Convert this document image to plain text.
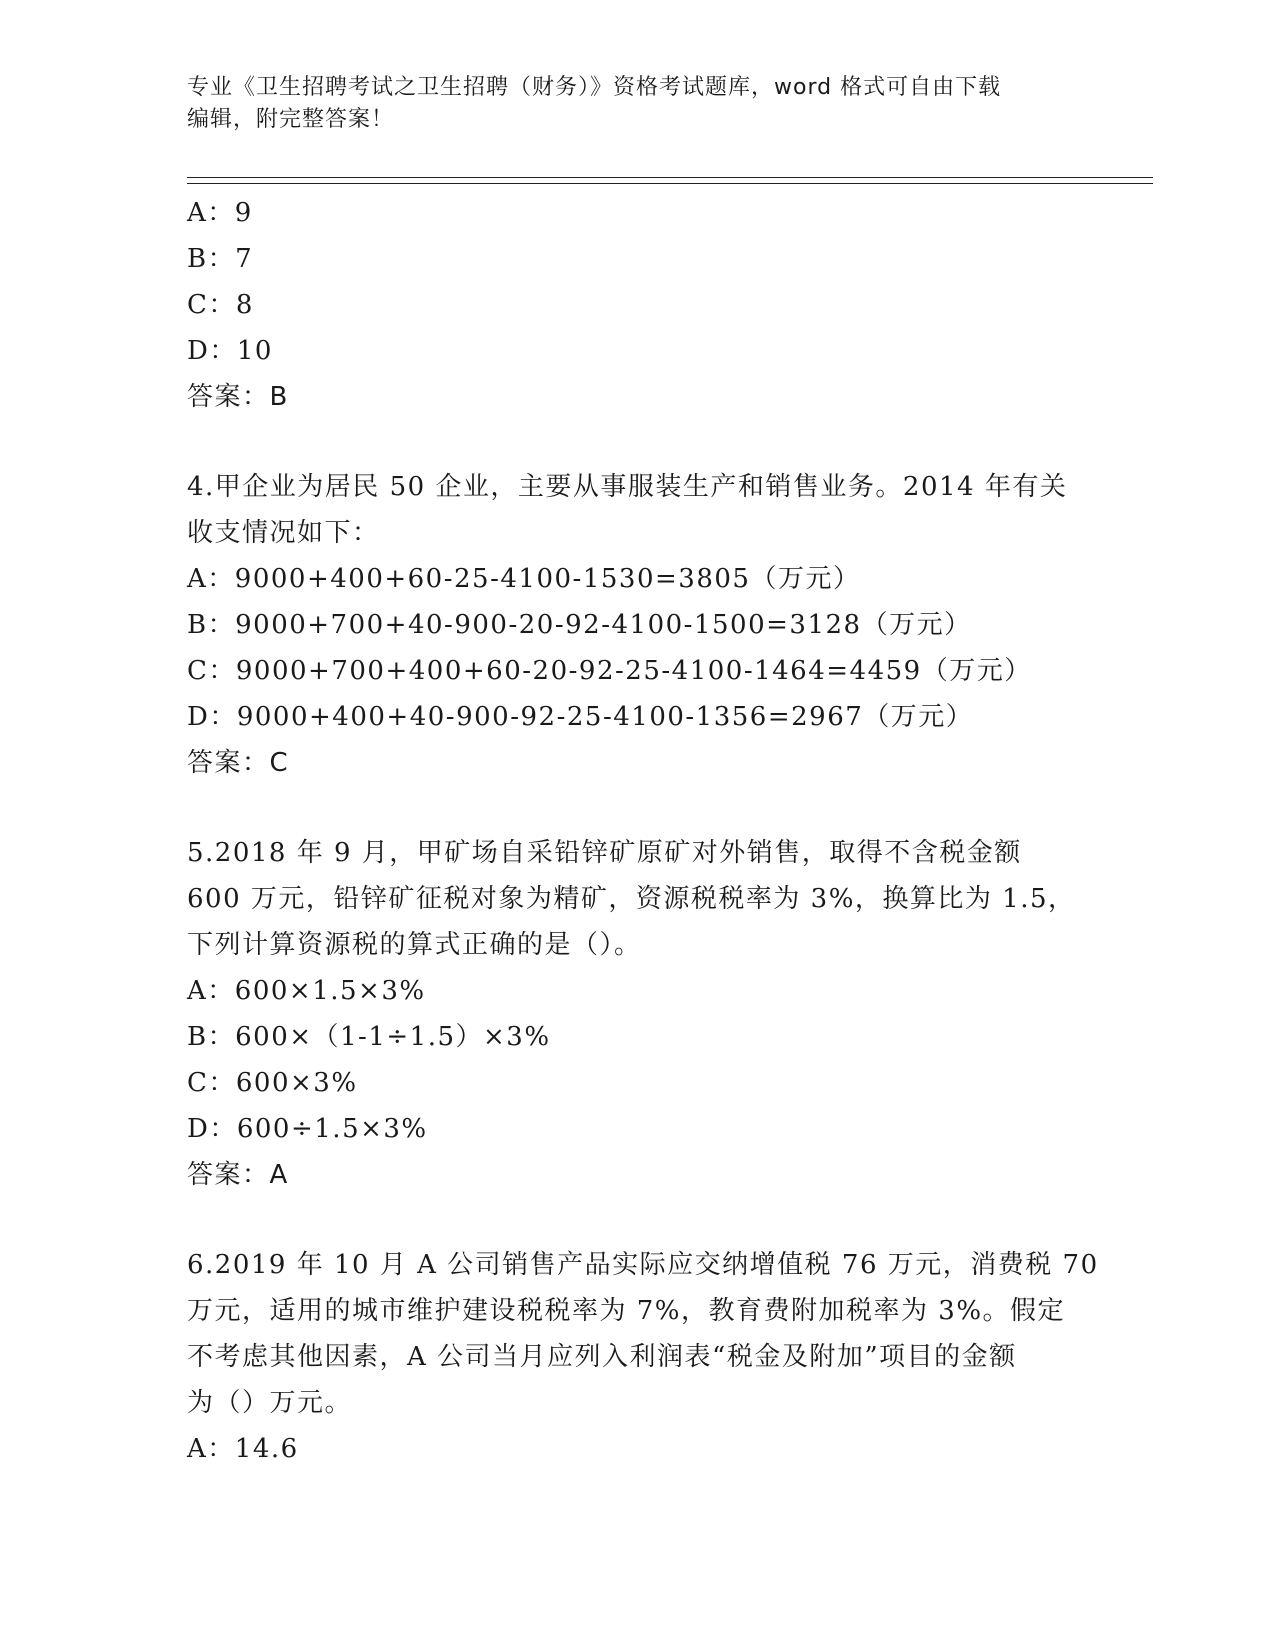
专业《卫生招聘考试之卫生招聘（财务）》资格考试题库，word 格式可自由下载
编辑，附完整答案！
A：9
B：7
C：8
D：10
答案：B
4.甲企业为居民 50 企业，主要从事服装生产和销售业务。2014 年有关
收支情况如下：
A：9000+400+60-25-4100-1530=3805（万元）
B：9000+700+40-900-20-92-4100-1500=3128（万元）
C：9000+700+400+60-20-92-25-4100-1464=4459（万元）
D：9000+400+40-900-92-25-4100-1356=2967（万元）
答案：C
5.2018 年 9 月，甲矿场自采铅锌矿原矿对外销售，取得不含税金额
600 万元，铅锌矿征税对象为精矿，资源税税率为 3%，换算比为 1.5，
下列计算资源税的算式正确的是（）。
A：600×1.5×3%
B：600×（1-1÷1.5）×3%
C：600×3%
D：600÷1.5×3%
答案：A
6.2019 年 10 月 A 公司销售产品实际应交纳增值税 76 万元，消费税 70
万元，适用的城市维护建设税税率为 7%，教育费附加税率为 3%。假定
不考虑其他因素，A 公司当月应列入利润表“税金及附加”项目的金额
为（）万元。
A：14.6
